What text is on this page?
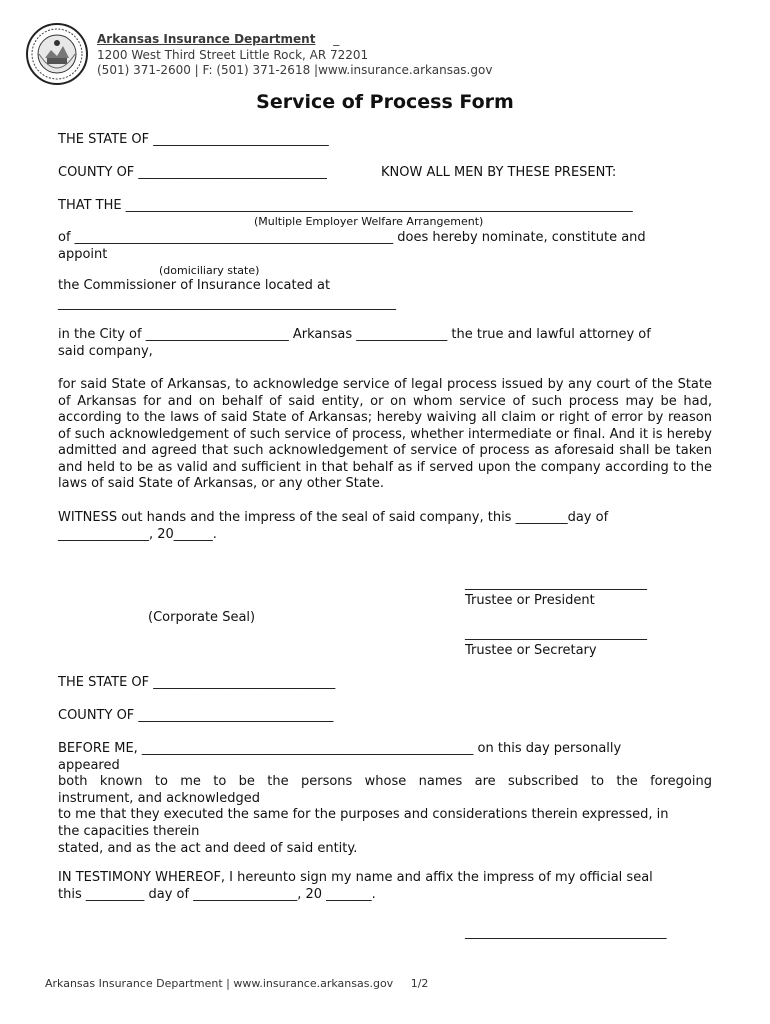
Arkansas Insurance Department _
1200 West Third Street Little Rock, AR 72201
(501) 371-2600 | F: (501) 371-2618 |www.insurance.arkansas.gov
Service of Process Form
THE STATE OF ___________________________
COUNTY OF _____________________________	KNOW ALL MEN BY THESE PRESENT:
THAT THE ______________________________________________________________________________
(Multiple Employer Welfare Arrangement)
of _________________________________________________ does hereby nominate, constitute and
appoint
(domiciliary state)
the Commissioner of Insurance located at
____________________________________________________
in the City of ______________________ Arkansas ______________ the true and lawful attorney of
said company,
for said State of Arkansas, to acknowledge service of legal process issued by any court of the State of Arkansas for and on behalf of said entity, or on whom service of such process may be had, according to the laws of said State of Arkansas; hereby waiving all claim or right of error by reason of such acknowledgement of such service of process, whether intermediate or final. And it is hereby admitted and agreed that such acknowledgement of service of process as aforesaid shall be taken and held to be as valid and sufficient in that behalf as if served upon the company according to the laws of said State of Arkansas, or any other State.
WITNESS out hands and the impress of the seal of said company, this ________day of
______________, 20______.
____________________________
Trustee or President
(Corporate Seal)
____________________________
Trustee or Secretary
THE STATE OF ____________________________
COUNTY OF ______________________________
BEFORE ME, ___________________________________________________ on this day personally
appeared
both known to me to be the persons whose names are subscribed to the foregoing
instrument, and acknowledged
to me that they executed the same for the purposes and considerations therein expressed, in
the capacities therein
stated, and as the act and deed of said entity.
IN TESTIMONY WHEREOF, I hereunto sign my name and affix the impress of my official seal
this _________ day of ________________, 20 _______.
_______________________________
Arkansas Insurance Department | www.insurance.arkansas.gov 1/2
